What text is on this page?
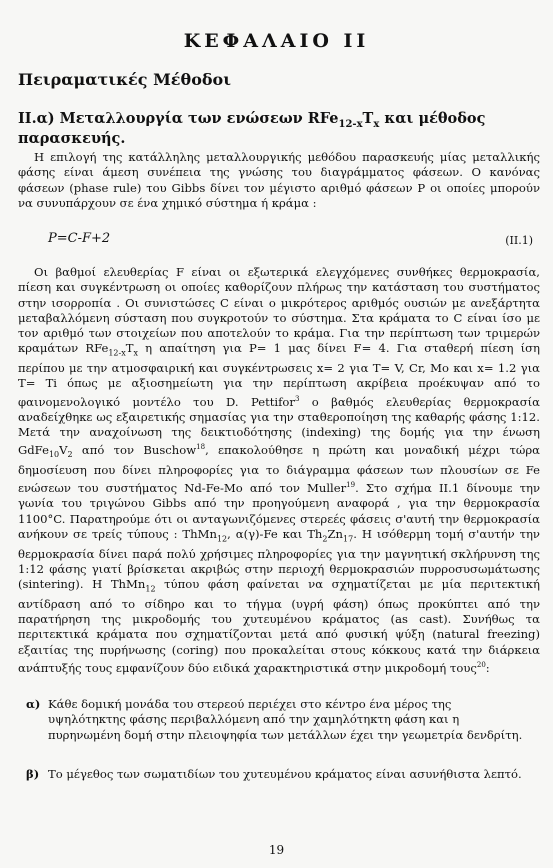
ΚΕΦΑΛΑΙΟ ΙΙ
Πειραματικές Μέθοδοι
ΙΙ.α) Μεταλλουργία των ενώσεων $RFe_{12-x}T_x$ και μέθοδος παρασκευής.
Η επιλογή της κατάλληλης μεταλλουργικής μεθόδου παρασκευής μίας μεταλλικής φάσης είναι άμεση συνέπεια της γνώσης του διαγράμματος φάσεων. Ο κανόνας φάσεων (phase rule) του Gibbs δίνει τον μέγιστο αριθμό φάσεων P οι οποίες μπορούν να συνυπάρχουν σε ένα χημικό σύστημα ή κράμα :
P=C-F+2	(II.1)
Οι βαθμοί ελευθερίας F είναι οι εξωτερικά ελεγχόμενες συνθήκες θερμοκρασία, πίεση και συγκέντρωση οι οποίες καθορίζουν πλήρως την κατάσταση του συστήματος στην ισορροπία . Οι συνιστώσες C είναι ο μικρότερος αριθμός ουσιών με ανεξάρτητα μεταβαλλόμενη σύσταση που συγκροτούν το σύστημα. Στα κράματα το C είναι ίσο με τον αριθμό των στοιχείων που αποτελούν το κράμα. Για την περίπτωση των τριμερών κραμάτων $RFe_{12-x}T_x$ η απαίτηση για P= 1 μας δίνει F= 4. Για σταθερή πίεση ίση περίπου με την ατμοσφαιρική και συγκέντρωσεις x= 2 για T= V, Cr, Mo και x= 1.2 για T= Ti όπως με αξιοσημείωτη για την περίπτωση ακρίβεια προέκυψαν από το φαινομενολογικό μοντέλο του D. Pettifor$^3$ ο βαθμός ελευθερίας θερμοκρασία αναδείχθηκε ως εξαιρετικής σημασίας για την σταθεροποίηση της καθαρής φάσης 1:12. Μετά την αναχοίνωση της δεικτιοδότησης (indexing) της δομής για την ένωση $GdFe_{10}V_2$ από τον Buschow$^{18}$, επακολούθησε η πρώτη και μοναδική μέχρι τώρα δημοσίευση που δίνει πληροφορίες για το διάγραμμα φάσεων των πλουσίων σε Fe ενώσεων του συστήματος Nd-Fe-Mo από τον Muller$^{19}$. Στο σχήμα ΙΙ.1 δίνουμε την γωνία του τριγώνου Gibbs από την προηγούμενη αναφορά , για την θερμοκρασία 1100°C. Παρατηρούμε ότι οι ανταγωνιζόμενες στερεές φάσεις σ'αυτή την θερμοκρασία ανήκουν σε τρείς τύπους : ThMn$_{12}$, α(γ)-Fe και $Th_2Zn_{17}$. Η ισόθερμη τομή σ'αυτήν την θερμοκρασία δίνει παρά πολύ χρήσιμες πληροφορίες για την μαγνητική σκλήρυνση της 1:12 φάσης γιατί βρίσκεται ακριβώς στην περιοχή θερμοκρασιών πυρροσυσωμάτωσης (sintering). Η ThMn$_{12}$ τύπου φάση φαίνεται να σχηματίζεται με μία περιτεκτική αντίδραση από το σίδηρο και το τήγμα (υγρή φάση) όπως προκύπτει από την παρατήρηση της μικροδομής του χυτευμένου κράματος (as cast). Συνήθως τα περιτεκτικά κράματα που σχηματίζονται μετά από φυσική ψύξη (natural freezing) εξαιτίας της πυρήνωσης (coring) που προκαλείται στους κόκκους κατά την διάρκεια ανάπτυξής τους εμφανίζουν δύο ειδικά χαρακτηριστικά στην μικροδομή τους$^{20}$:
α) Κάθε δομική μονάδα του στερεού περιέχει στο κέντρο ένα μέρος της υψηλότηκτης φάσης περιβαλλόμενη από την χαμηλότηκτη φάση και η πυρηνωμένη δομή στην πλειοψηφία των μετάλλων έχει την γεωμετρία δενδρίτη.
β) Το μέγεθος των σωματιδίων του χυτευμένου κράματος είναι ασυνήθιστα λεπτό.
19
